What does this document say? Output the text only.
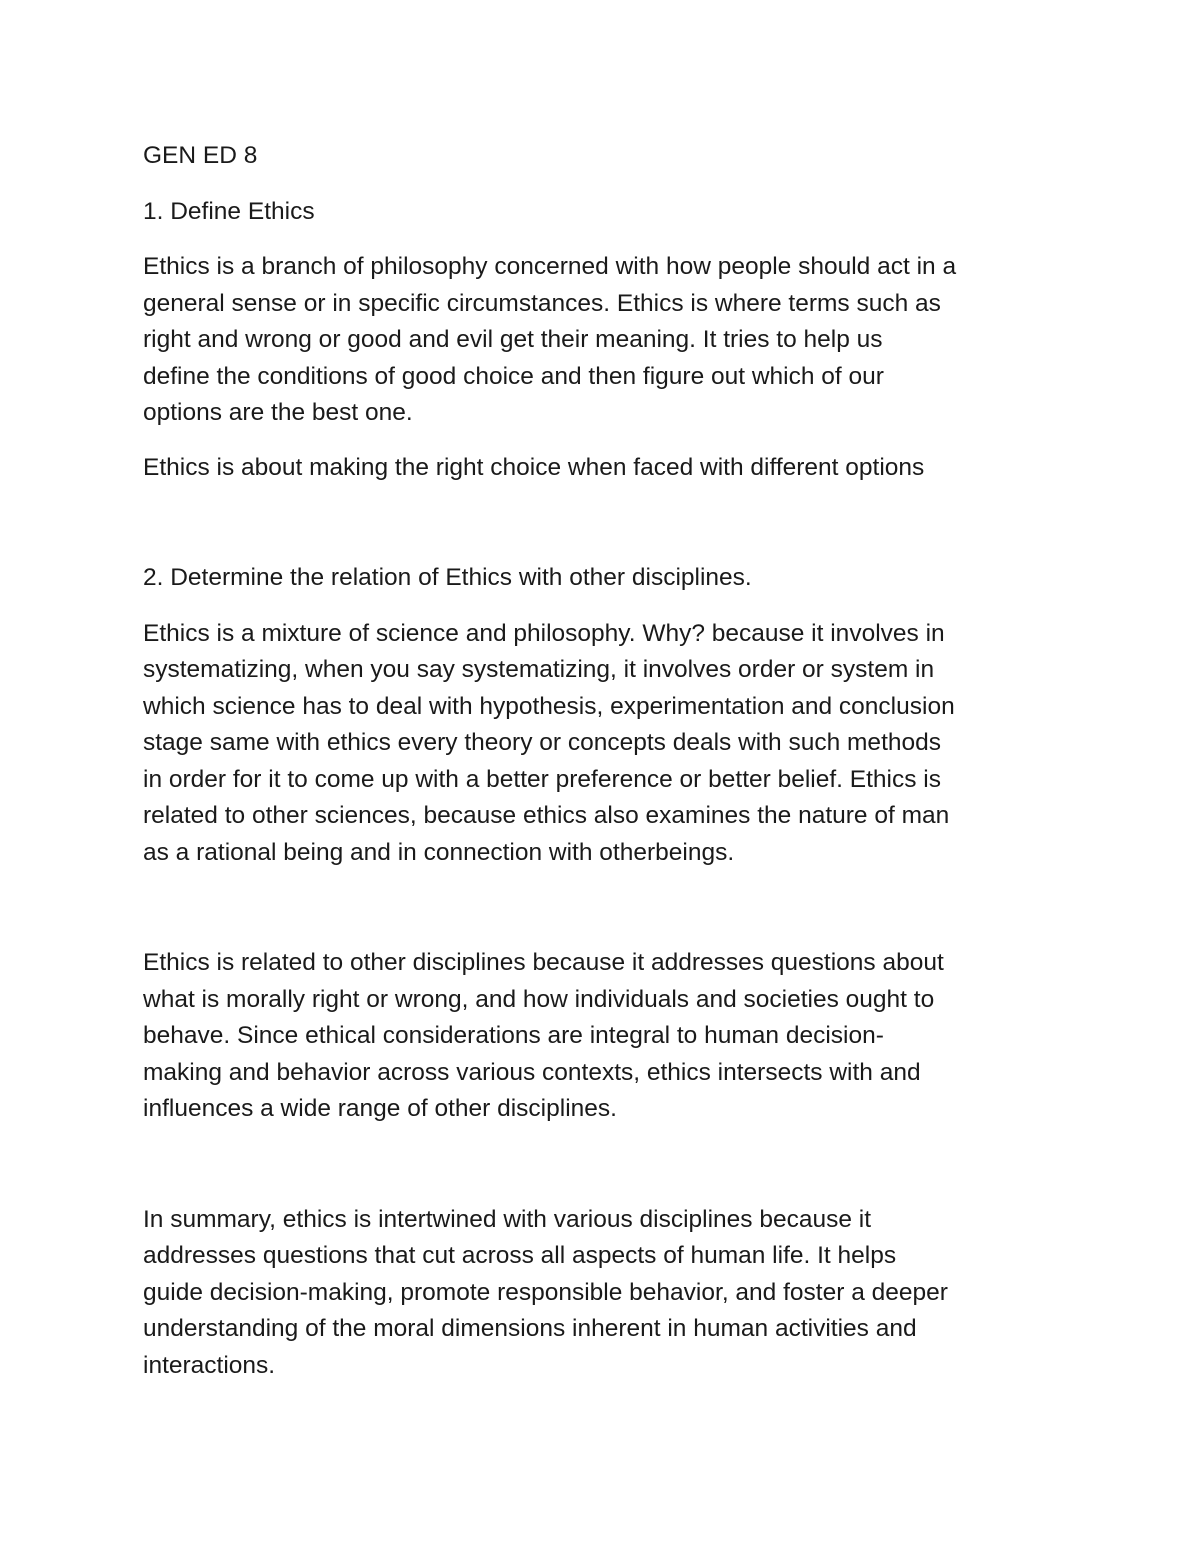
GEN ED 8

1. Define Ethics

Ethics is a branch of philosophy concerned with how people should act in a
general sense or in specific circumstances. Ethics is where terms such as
right and wrong or good and evil get their meaning. It tries to help us
define the conditions of good choice and then figure out which of our
options are the best one.

Ethics is about making the right choice when faced with different options

2. Determine the relation of Ethics with other disciplines.

Ethics is a mixture of science and philosophy. Why? because it involves in
systematizing, when you say systematizing, it involves order or system in
which science has to deal with hypothesis, experimentation and conclusion
stage same with ethics every theory or concepts deals with such methods
in order for it to come up with a better preference or better belief. Ethics is
related to other sciences, because ethics also examines the nature of man
as a rational being and in connection with otherbeings.

Ethics is related to other disciplines because it addresses questions about
what is morally right or wrong, and how individuals and societies ought to
behave. Since ethical considerations are integral to human decision-
making and behavior across various contexts, ethics intersects with and
influences a wide range of other disciplines.

In summary, ethics is intertwined with various disciplines because it
addresses questions that cut across all aspects of human life. It helps
guide decision-making, promote responsible behavior, and foster a deeper
understanding of the moral dimensions inherent in human activities and
interactions.
